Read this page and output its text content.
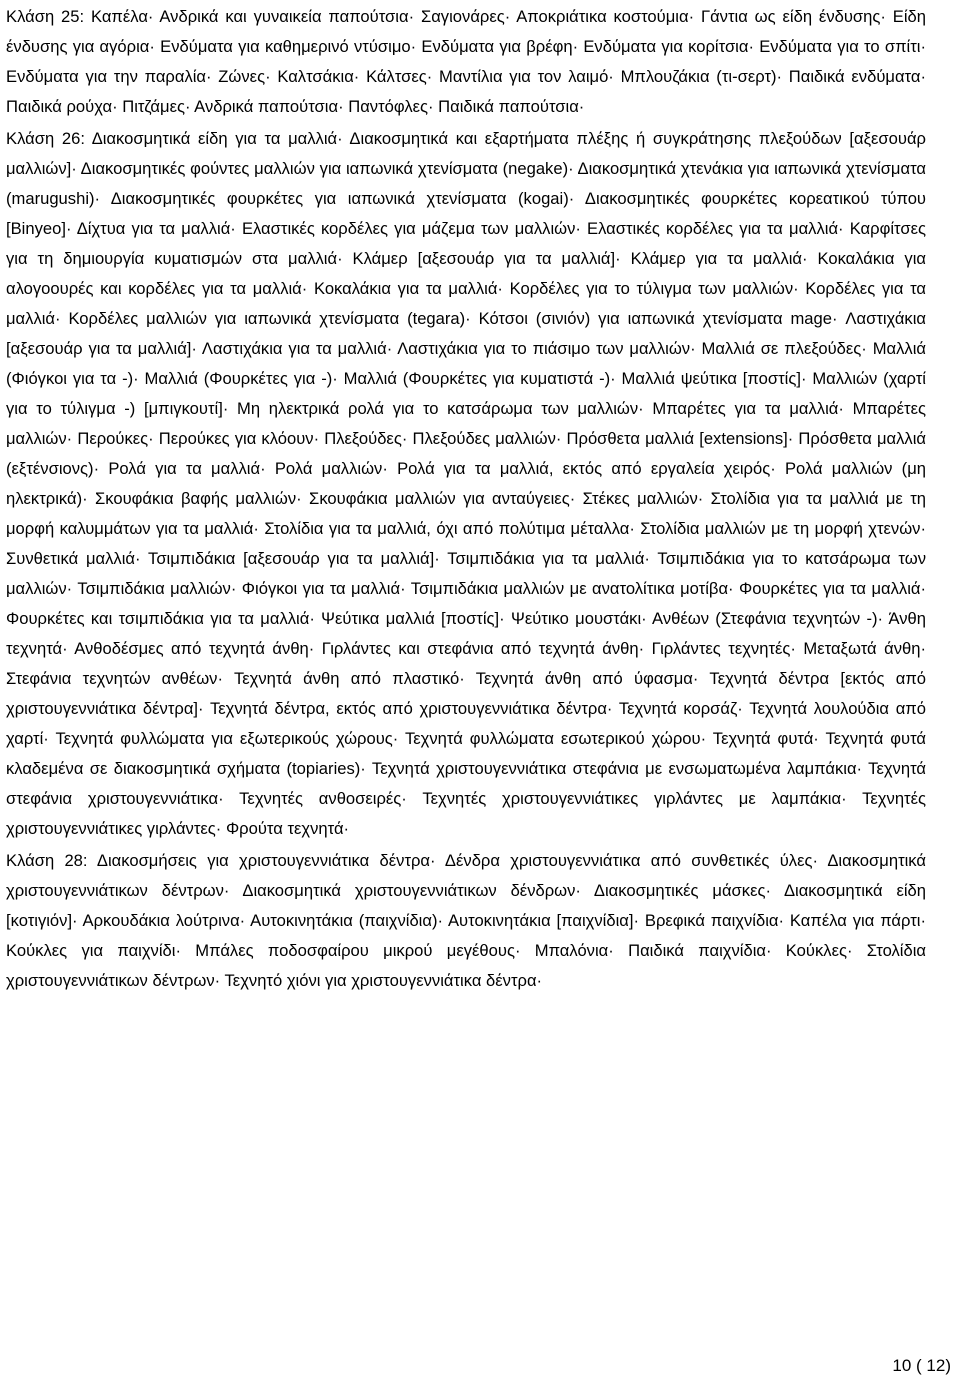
Κλάση 25: Καπέλα· Ανδρικά και γυναικεία παπούτσια· Σαγιονάρες· Αποκριάτικα κοστούμια· Γάντια ως είδη ένδυσης· Είδη ένδυσης για αγόρια· Ενδύματα για καθημερινό ντύσιμο· Ενδύματα για βρέφη· Ενδύματα για κορίτσια· Ενδύματα για το σπίτι· Ενδύματα για την παραλία· Ζώνες· Καλτσάκια· Κάλτσες· Μαντίλια για τον λαιμό· Μπλουζάκια (τι-σερτ)· Παιδικά ενδύματα· Παιδικά ρούχα· Πιτζάμες· Ανδρικά παπούτσια· Παντόφλες· Παιδικά παπούτσια·

Κλάση 26: Διακοσμητικά είδη για τα μαλλιά· Διακοσμητικά και εξαρτήματα πλέξης ή συγκράτησης πλεξούδων [αξεσουάρ μαλλιών]· Διακοσμητικές φούντες μαλλιών για ιαπωνικά χτενίσματα (negake)· Διακοσμητικά χτενάκια για ιαπωνικά χτενίσματα (marugushi)· Διακοσμητικές φουρκέτες για ιαπωνικά χτενίσματα (kogai)· Διακοσμητικές φουρκέτες κορεατικού τύπου [Binyeo]· Δίχτυα για τα μαλλιά· Ελαστικές κορδέλες για μάζεμα των μαλλιών· Ελαστικές κορδέλες για τα μαλλιά· Καρφίτσες για τη δημιουργία κυματισμών στα μαλλιά· Κλάμερ [αξεσουάρ για τα μαλλιά]· Κλάμερ για τα μαλλιά· Κοκαλάκια για αλογοουρές και κορδέλες για τα μαλλιά· Κοκαλάκια για τα μαλλιά· Κορδέλες για το τύλιγμα των μαλλιών· Κορδέλες για τα μαλλιά· Κορδέλες μαλλιών για ιαπωνικά χτενίσματα (tegara)· Κότσοι (σινιόν) για ιαπωνικά χτενίσματα mage· Λαστιχάκια [αξεσουάρ για τα μαλλιά]· Λαστιχάκια για τα μαλλιά· Λαστιχάκια για το πιάσιμο των μαλλιών· Μαλλιά σε πλεξούδες· Μαλλιά (Φιόγκοι για τα -)· Μαλλιά (Φουρκέτες για -)· Μαλλιά (Φουρκέτες για κυματιστά -)· Μαλλιά ψεύτικα [ποστίς]· Μαλλιών (χαρτί για το τύλιγμα -) [μπιγκουτί]· Μη ηλεκτρικά ρολά για το κατσάρωμα των μαλλιών· Μπαρέτες για τα μαλλιά· Μπαρέτες μαλλιών· Περούκες· Περούκες για κλόουν· Πλεξούδες· Πλεξούδες μαλλιών· Πρόσθετα μαλλιά [extensions]· Πρόσθετα μαλλιά (εξτένσιονς)· Ρολά για τα μαλλιά· Ρολά μαλλιών· Ρολά για τα μαλλιά, εκτός από εργαλεία χειρός· Ρολά μαλλιών (μη ηλεκτρικά)· Σκουφάκια βαφής μαλλιών· Σκουφάκια μαλλιών για ανταύγειες· Στέκες μαλλιών· Στολίδια για τα μαλλιά με τη μορφή καλυμμάτων για τα μαλλιά· Στολίδια για τα μαλλιά, όχι από πολύτιμα μέταλλα· Στολίδια μαλλιών με τη μορφή χτενών· Συνθετικά μαλλιά· Τσιμπιδάκια [αξεσουάρ για τα μαλλιά]· Τσιμπιδάκια για τα μαλλιά· Τσιμπιδάκια για το κατσάρωμα των μαλλιών· Τσιμπιδάκια μαλλιών· Φιόγκοι για τα μαλλιά· Τσιμπιδάκια μαλλιών με ανατολίτικα μοτίβα· Φουρκέτες για τα μαλλιά· Φουρκέτες και τσιμπιδάκια για τα μαλλιά· Ψεύτικα μαλλιά [ποστίς]· Ψεύτικο μουστάκι· Ανθέων (Στεφάνια τεχνητών -)· Άνθη τεχνητά· Ανθοδέσμες από τεχνητά άνθη· Γιρλάντες και στεφάνια από τεχνητά άνθη· Γιρλάντες τεχνητές· Μεταξωτά άνθη· Στεφάνια τεχνητών ανθέων· Τεχνητά άνθη από πλαστικό· Τεχνητά άνθη από ύφασμα· Τεχνητά δέντρα [εκτός από χριστουγεννιάτικα δέντρα]· Τεχνητά δέντρα, εκτός από χριστουγεννιάτικα δέντρα· Τεχνητά κορσάζ· Τεχνητά λουλούδια από χαρτί· Τεχνητά φυλλώματα για εξωτερικούς χώρους· Τεχνητά φυλλώματα εσωτερικού χώρου· Τεχνητά φυτά· Τεχνητά φυτά κλαδεμένα σε διακοσμητικά σχήματα (topiaries)· Τεχνητά χριστουγεννιάτικα στεφάνια με ενσωματωμένα λαμπάκια· Τεχνητά στεφάνια χριστουγεννιάτικα· Τεχνητές ανθοσειρές· Τεχνητές χριστουγεννιάτικες γιρλάντες με λαμπάκια· Τεχνητές χριστουγεννιάτικες γιρλάντες· Φρούτα τεχνητά·

Κλάση 28: Διακοσμήσεις για χριστουγεννιάτικα δέντρα· Δένδρα χριστουγεννιάτικα από συνθετικές ύλες· Διακοσμητικά χριστουγεννιάτικων δέντρων· Διακοσμητικά χριστουγεννιάτικων δένδρων· Διακοσμητικές μάσκες· Διακοσμητικά είδη [κοτιγιόν]· Αρκουδάκια λούτρινα· Αυτοκινητάκια (παιχνίδια)· Αυτοκινητάκια [παιχνίδια]· Βρεφικά παιχνίδια· Καπέλα για πάρτι· Κούκλες για παιχνίδι· Μπάλες ποδοσφαίρου μικρού μεγέθους· Μπαλόνια· Παιδικά παιχνίδια· Κούκλες· Στολίδια χριστουγεννιάτικων δέντρων· Τεχνητό χιόνι για χριστουγεννιάτικα δέντρα·

10 ( 12)
